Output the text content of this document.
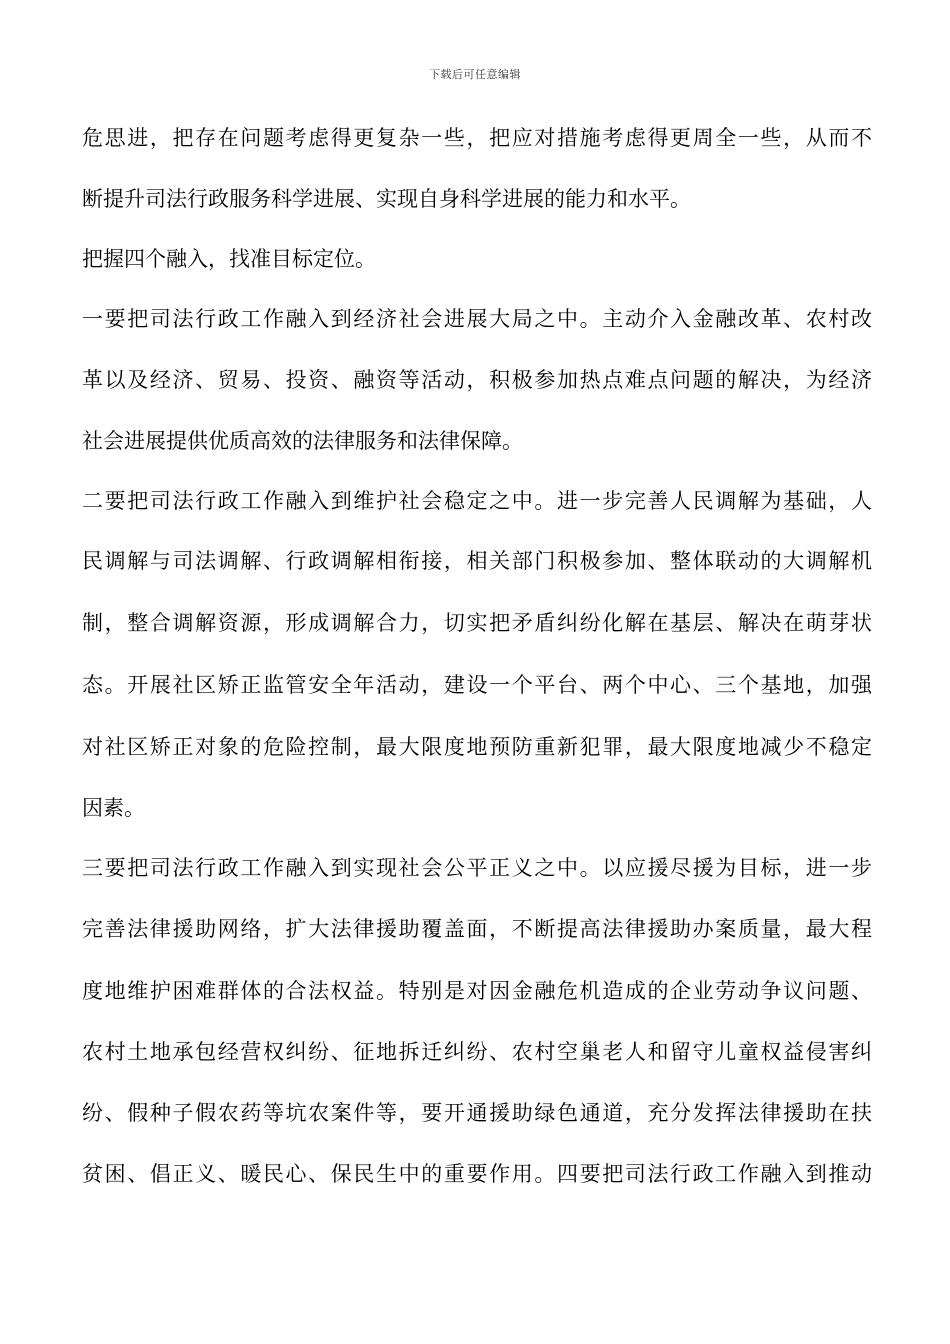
下载后可任意编辑
危思进，把存在问题考虑得更复杂一些，把应对措施考虑得更周全一些，从而不
断提升司法行政服务科学进展、实现自身科学进展的能力和水平。
把握四个融入，找准目标定位。
一要把司法行政工作融入到经济社会进展大局之中。主动介入金融改革、农村改
革以及经济、贸易、投资、融资等活动，积极参加热点难点问题的解决，为经济
社会进展提供优质高效的法律服务和法律保障。
二要把司法行政工作融入到维护社会稳定之中。进一步完善人民调解为基础，人
民调解与司法调解、行政调解相衔接，相关部门积极参加、整体联动的大调解机
制，整合调解资源，形成调解合力，切实把矛盾纠纷化解在基层、解决在萌芽状
态。开展社区矫正监管安全年活动，建设一个平台、两个中心、三个基地，加强
对社区矫正对象的危险控制，最大限度地预防重新犯罪，最大限度地减少不稳定
因素。
三要把司法行政工作融入到实现社会公平正义之中。以应援尽援为目标，进一步
完善法律援助网络，扩大法律援助覆盖面，不断提高法律援助办案质量，最大程
度地维护困难群体的合法权益。特别是对因金融危机造成的企业劳动争议问题、
农村土地承包经营权纠纷、征地拆迁纠纷、农村空巢老人和留守儿童权益侵害纠
纷、假种子假农药等坑农案件等，要开通援助绿色通道，充分发挥法律援助在扶
贫困、倡正义、暖民心、保民生中的重要作用。四要把司法行政工作融入到推动
